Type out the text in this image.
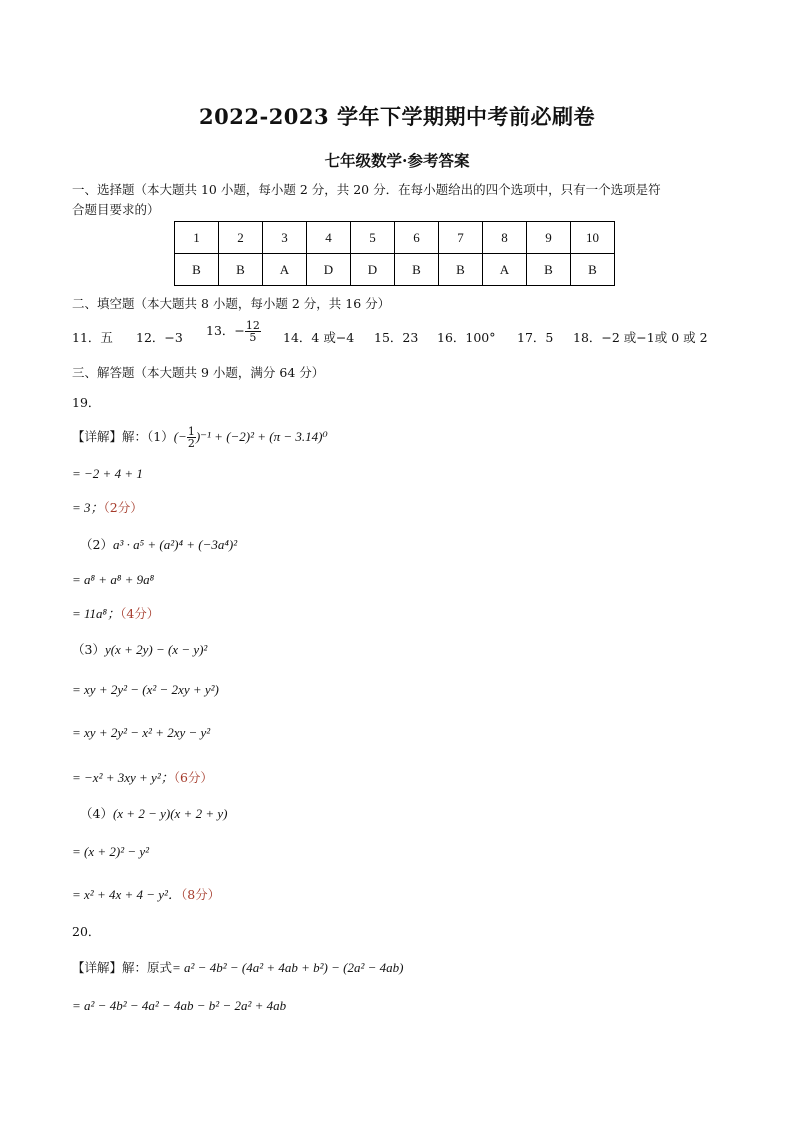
2022-2023 学年下学期期中考前必刷卷
七年级数学·参考答案
一、选择题（本大题共 10 小题，每小题 2 分，共 20 分．在每小题给出的四个选项中，只有一个选项是符
合题目要求的）
1	2	3	4	5	6	7	8	9	10
B	B	A	D	D	B	B	A	B	B
二、填空题（本大题共 8 小题，每小题 2 分，共 16 分）
11．五 12．−3 13．− $\frac{12}{5} 14$．4 或−4 15．23 16．100° 17．5 18．−2 或−1或 0 或 2
三、解答题（本大题共 9 小题，满分 64 分）
19．
【详解】解：$(1)(- \frac{1}{2} )^{-1} + (-2)^2 + (\pi - 3.14)^0$
= −2 + 4 + 1
= 3；（2分）
（2）a³ · a⁵ + (a²)⁴ + (−3a⁴)²
= a⁸ + a⁸ + 9a⁸
= 11a⁸；（4分）
（3）y(x + 2y) − (x − y)²
= xy + 2y² − (x² − 2xy + y²)
= xy + 2y² − x² + 2xy − y²
= −x² + 3xy + y²；（6分）
（4）(x + 2 − y)(x + 2 + y)
= (x + 2)² − y²
= x² + 4x + 4 − y²．（8分）
20．
【详解】解：原式= a² − 4b² − (4a² + 4ab + b²) − (2a² − 4ab)
= a² − 4b² − 4a² − 4ab − b² − 2a² + 4ab
